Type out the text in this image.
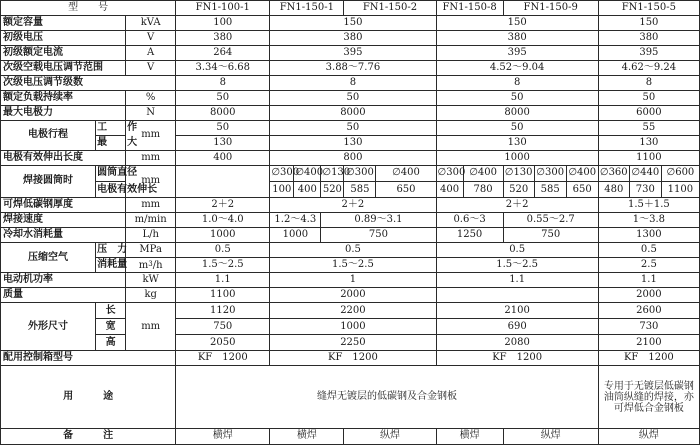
型　　号			FN1-100-1	FN1-150-1			FN1-150-2		FN1-150-8		FN1-150-9			FN1-150-5		
额定容量		kVA	100	150					150					150		
初级电压		V	380	380					380					380		
初级额定电流		A	264	395					395					395		
次级空载电压调节范围		V	3.34～6.68	3.88～7.76					4.52～9.04					4.62～9.24		
次级电压调节级数			8	8					8					8		
额定负载持续率		%	50	50					50					50		
最大电极力		N	8000	8000					8000					6000		
电极行程	工　　作	mm	50	50					50					55		
	最　　大		130	130					130					130		
电极有效伸出长度		mm	400	800					1000					1100		
焊接圆筒时	圆筒直径	mm		∅300	∅400	∅130	∅300	∅400	∅300	∅400	∅130	∅300	∅400	∅360	∅440	∅600
	电极有效伸长			100	400	520	585	650	400	780	520	585	650	480	730	1100
可焊低碳钢厚度		mm	2＋2	2＋2					2＋2					1.5＋1.5		
焊接速度		m/min	1.0～4.0	1.2～4.3		0.89～3.1			0.6～3		0.55～2.7			1～3.8		
冷却水消耗量		L/h	1000	1000		750			1250		750			1300		
压缩空气	压　力	MPa	0.5	0.5					0.5					0.5		
	消耗量	$m^3/h$	1.5～2.5	1.5～2.5					1.5～2.5					2.5		
电动机功率		kW	1.1	1					1.1					1.1		
质量		kg	1100	2000										2000		
外形尺寸	长	mm	1120	2200					2100					2600		
	宽		750	1000					690					730		
	高		2050	2250					2080					2100		
配用控制箱型号			KF　1200	KF　1200					KF　1200					KF　1200		
用　　　途			缝焊无镀层的低碳钢及合金钢板											专用于无镀层低碳钢油筒纵缝的焊接，亦可焊低合金钢板		
备　　　注			横焊	横焊			纵焊		横焊		纵焊			纵焊		
